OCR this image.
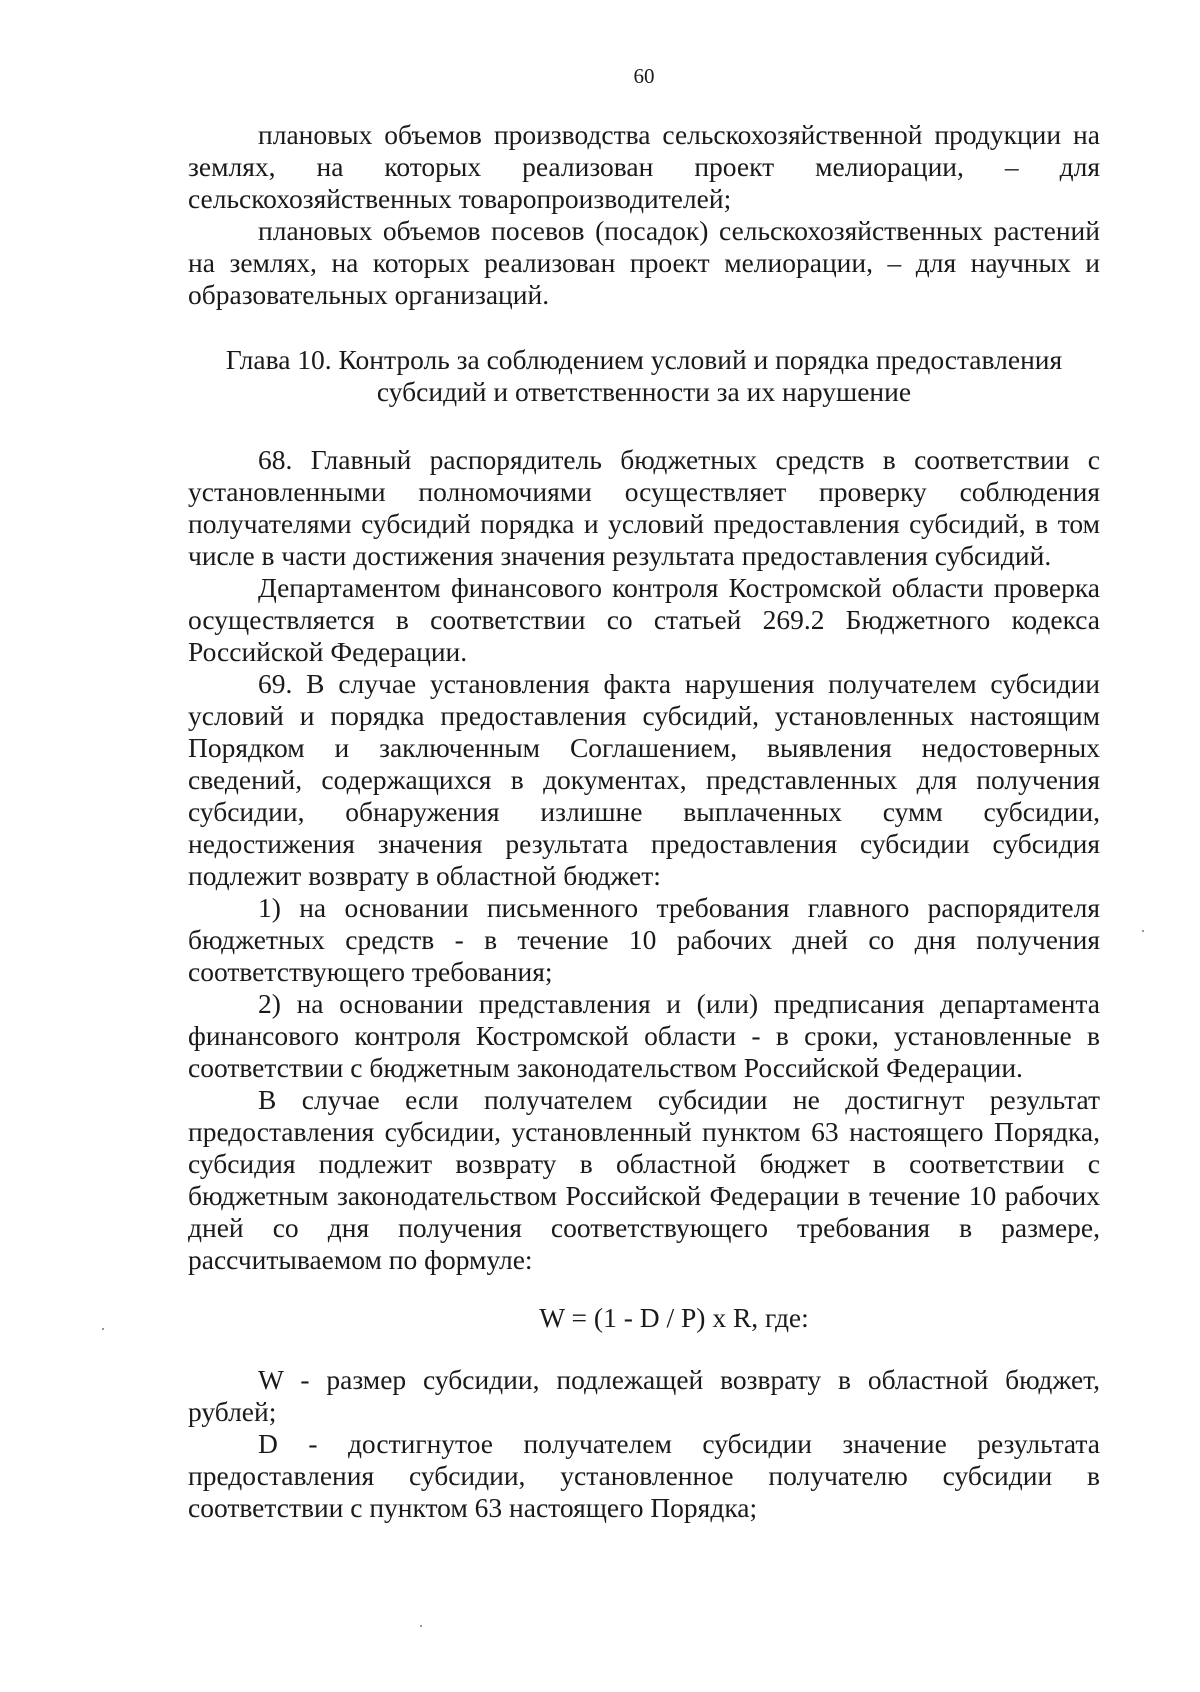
60

плановых объемов производства сельскохозяйственной продукции на землях, на которых реализован проект мелиорации, – для сельскохозяйственных товаропроизводителей;

плановых объемов посевов (посадок) сельскохозяйственных растений на землях, на которых реализован проект мелиорации, – для научных и образовательных организаций.

Глава 10. Контроль за соблюдением условий и порядка предоставления
субсидий и ответственности за их нарушение

68. Главный распорядитель бюджетных средств в соответствии с установленными полномочиями осуществляет проверку соблюдения получателями субсидий порядка и условий предоставления субсидий, в том числе в части достижения значения результата предоставления субсидий.

Департаментом финансового контроля Костромской области проверка осуществляется в соответствии со статьей 269.2 Бюджетного кодекса Российской Федерации.

69. В случае установления факта нарушения получателем субсидии условий и порядка предоставления субсидий, установленных настоящим Порядком и заключенным Соглашением, выявления недостоверных сведений, содержащихся в документах, представленных для получения субсидии, обнаружения излишне выплаченных сумм субсидии, недостижения значения результата предоставления субсидии субсидия подлежит возврату в областной бюджет:

1) на основании письменного требования главного распорядителя бюджетных средств - в течение 10 рабочих дней со дня получения соответствующего требования;

2) на основании представления и (или) предписания департамента финансового контроля Костромской области - в сроки, установленные в соответствии с бюджетным законодательством Российской Федерации.

В случае если получателем субсидии не достигнут результат предоставления субсидии, установленный пунктом 63 настоящего Порядка, субсидия подлежит возврату в областной бюджет в соответствии с бюджетным законодательством Российской Федерации в течение 10 рабочих дней со дня получения соответствующего требования в размере, рассчитываемом по формуле:

W = (1 - D / P) x R, где:

W - размер субсидии, подлежащей возврату в областной бюджет, рублей;

D - достигнутое получателем субсидии значение результата предоставления субсидии, установленное получателю субсидии в соответствии с пунктом 63 настоящего Порядка;
